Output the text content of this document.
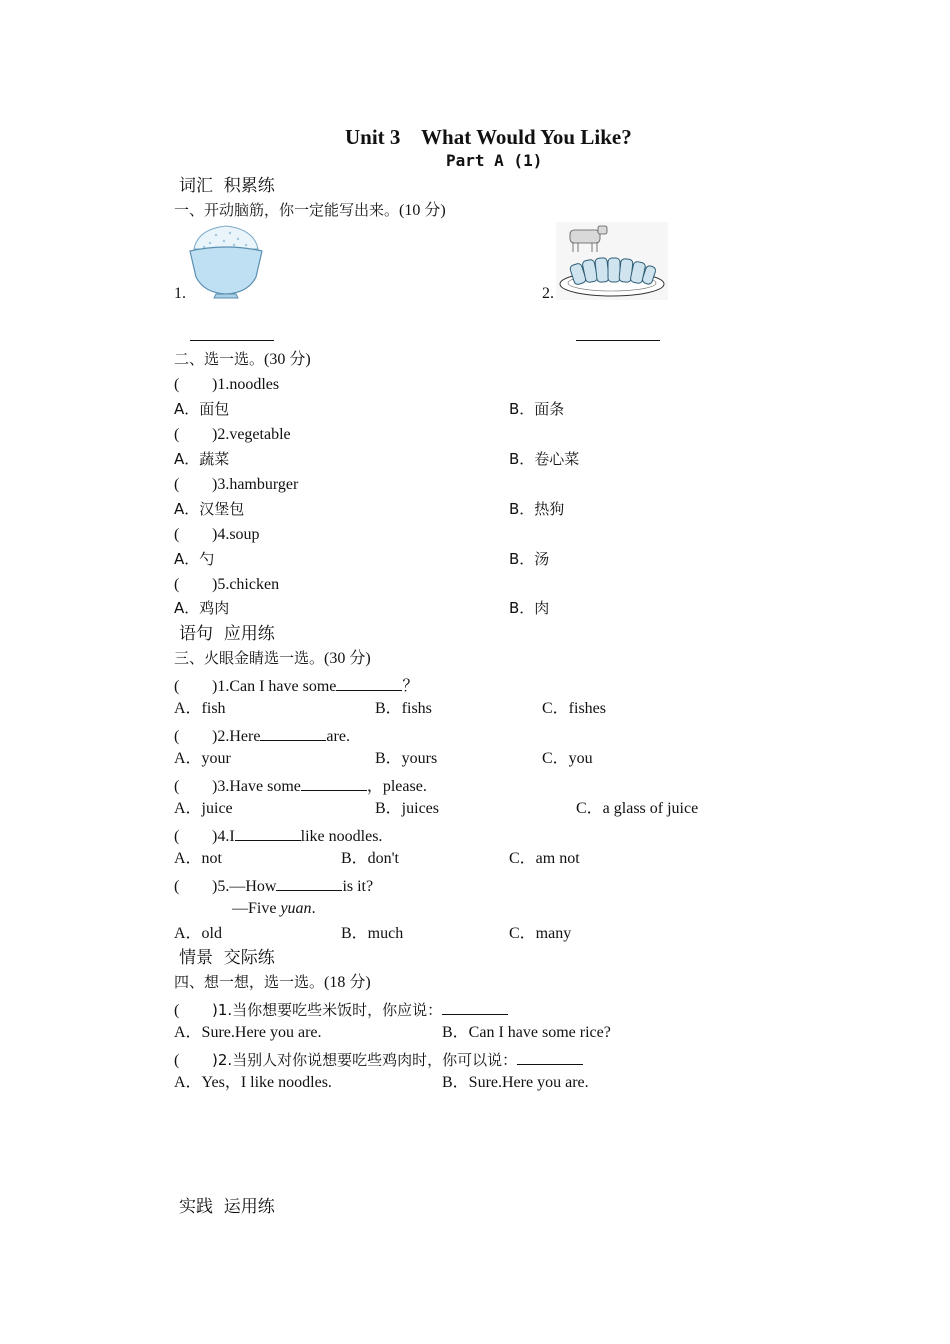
Unit 3    What Would You Like?
Part A (1)
词汇  积累练
一、开动脑筋，你一定能写出来。(10 分)
1.	2.
二、选一选。(30 分)
( )1.noodles
A．面包	B．面条
( )2.vegetable
A．蔬菜	B．卷心菜
( )3.hamburger
A．汉堡包	B．热狗
( )4.soup
A．勺	B．汤
( )5.chicken
A．鸡肉	B．肉
语句  应用练
三、火眼金睛选一选。(30 分)
( )1.Can I have some	？
A．fish	B．fishs	C．fishes
( )2.Here	are.
A．your	B．yours	C．you
( )3.Have some	，please.
A．juice	B．juices	C．a glass of juice
( )4.I	like noodles.
A．not	B．don't	C．am not
( )5.—How	is it?
—Five yuan.
A．old	B．much	C．many
情景  交际练
四、想一想，选一选。(18 分)
( )1.当你想要吃些米饭时，你应说：
A．Sure.Here you are.	B．Can I have some rice?
( )2.当别人对你说想要吃些鸡肉时，你可以说：
A．Yes，I like noodles.	B．Sure.Here you are.
实践  运用练
